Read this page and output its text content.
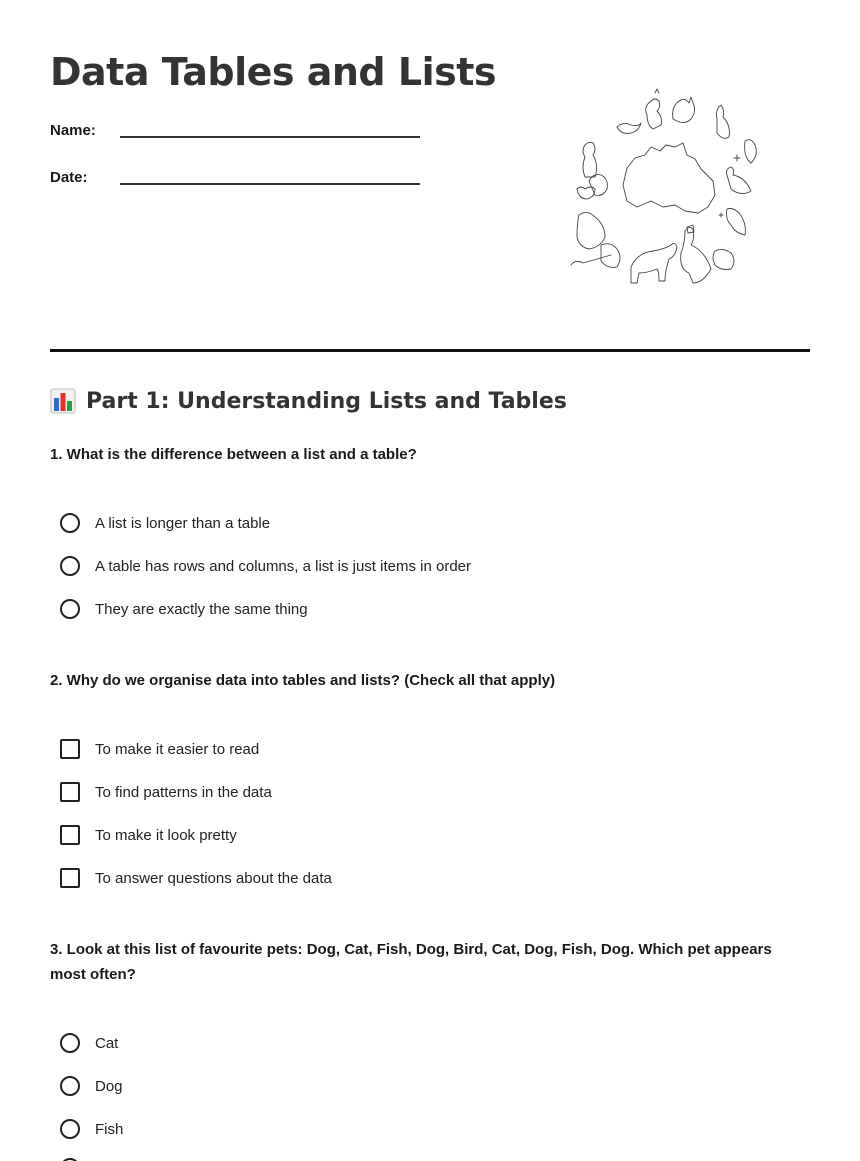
Data Tables and Lists
Name:
Date:
Part 1: Understanding Lists and Tables

1. What is the difference between a list and a table?

A list is longer than a table
A table has rows and columns, a list is just items in order
They are exactly the same thing

2. Why do we organise data into tables and lists? (Check all that apply)

To make it easier to read
To find patterns in the data
To make it look pretty
To answer questions about the data

3. Look at this list of favourite pets: Dog, Cat, Fish, Dog, Bird, Cat, Dog, Fish, Dog. Which pet appears most often?

Cat
Dog
Fish
